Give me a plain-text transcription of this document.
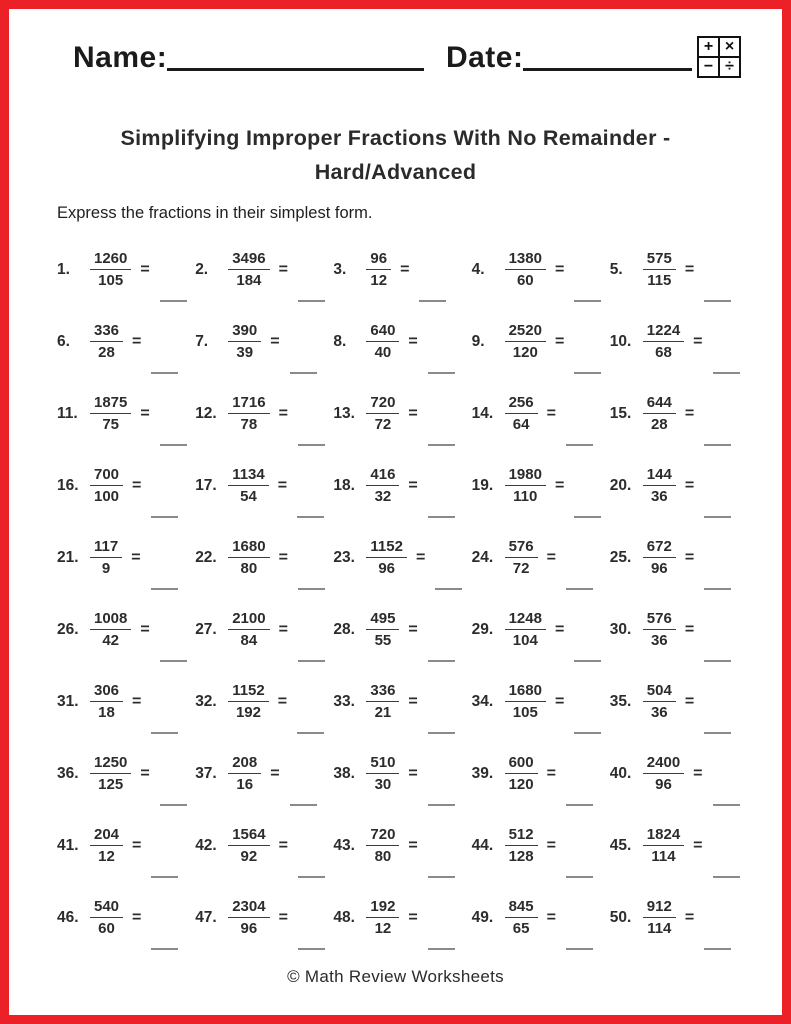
Name:	Date:	+ ×
− ÷
Simplifying Improper Fractions With No Remainder -
Hard/Advanced
Express the fractions in their simplest form.
1.	$\frac{1260}{105}$ =	2.	$\frac{3496}{184}$ =	3.	$\frac{96}{12}$ =	4.	$\frac{1380}{60}$ =	5.	$\frac{575}{115}$ =
6.	$\frac{336}{28}$ =	7.	$\frac{390}{39}$ =	8.	$\frac{640}{40}$ =	9.	$\frac{2520}{120}$ =	10. $\frac{1224}{68}$ =
11. $\frac{1875}{75}$ =	12. $\frac{1716}{78}$ =	13. $\frac{720}{72}$ =	14. $\frac{256}{64}$ =	15. $\frac{644}{28}$ =
16. $\frac{700}{100}$ =	17. $\frac{1134}{54}$ =	18. $\frac{416}{32}$ =	19. $\frac{1980}{110}$ =	20. $\frac{144}{36}$ =
21. $\frac{117}{9}$ =	22. $\frac{1680}{80}$ =	23. $\frac{1152}{96}$ =	24. $\frac{576}{72}$ =	25. $\frac{672}{96}$ =
26. $\frac{1008}{42}$ =	27. $\frac{2100}{84}$ =	28. $\frac{495}{55}$ =	29. $\frac{1248}{104}$ =	30. $\frac{576}{36}$ =
31. $\frac{306}{18}$ =	32. $\frac{1152}{192}$ =	33. $\frac{336}{21}$ =	34. $\frac{1680}{105}$ =	35. $\frac{504}{36}$ =
36. $\frac{1250}{125}$ =	37. $\frac{208}{16}$ =	38. $\frac{510}{30}$ =	39. $\frac{600}{120}$ =	40. $\frac{2400}{96}$ =
41. $\frac{204}{12}$ =	42. $\frac{1564}{92}$ =	43. $\frac{720}{80}$ =	44. $\frac{512}{128}$ =	45. $\frac{1824}{114}$ =
46. $\frac{540}{60}$ =	47. $\frac{2304}{96}$ =	48. $\frac{192}{12}$ =	49. $\frac{845}{65}$ =	50. $\frac{912}{114}$ =
© Math Review Worksheets
